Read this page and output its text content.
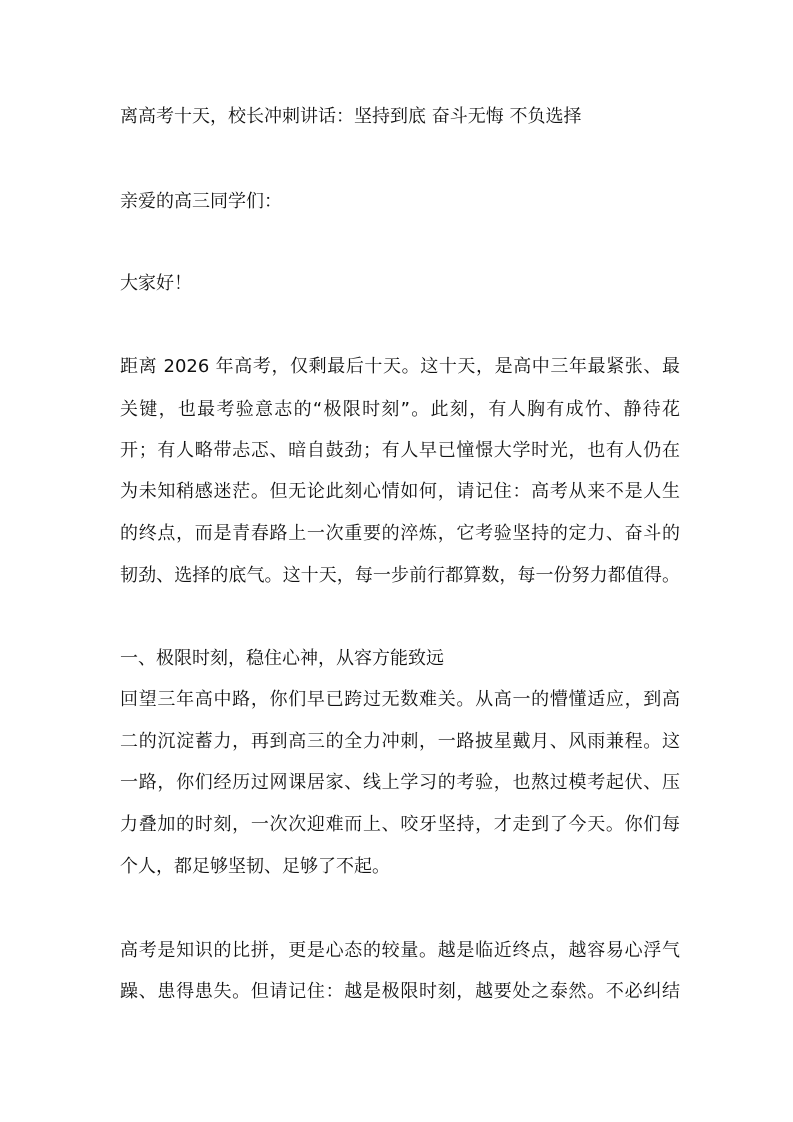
离高考十天，校长冲刺讲话：坚持到底 奋斗无悔 不负选择
亲爱的高三同学们：
大家好！
距离 2026 年高考，仅剩最后十天。这十天，是高中三年最紧张、最
关键，也最考验意志的“极限时刻”。此刻，有人胸有成竹、静待花
开；有人略带忐忑、暗自鼓劲；有人早已憧憬大学时光，也有人仍在
为未知稍感迷茫。但无论此刻心情如何，请记住：高考从来不是人生
的终点，而是青春路上一次重要的淬炼，它考验坚持的定力、奋斗的
韧劲、选择的底气。这十天，每一步前行都算数，每一份努力都值得。
一、极限时刻，稳住心神，从容方能致远
回望三年高中路，你们早已跨过无数难关。从高一的懵懂适应，到高
二的沉淀蓄力，再到高三的全力冲刺，一路披星戴月、风雨兼程。这
一路，你们经历过网课居家、线上学习的考验，也熬过模考起伏、压
力叠加的时刻，一次次迎难而上、咬牙坚持，才走到了今天。你们每
个人，都足够坚韧、足够了不起。
高考是知识的比拼，更是心态的较量。越是临近终点，越容易心浮气
躁、患得患失。但请记住：越是极限时刻，越要处之泰然。不必纠结
